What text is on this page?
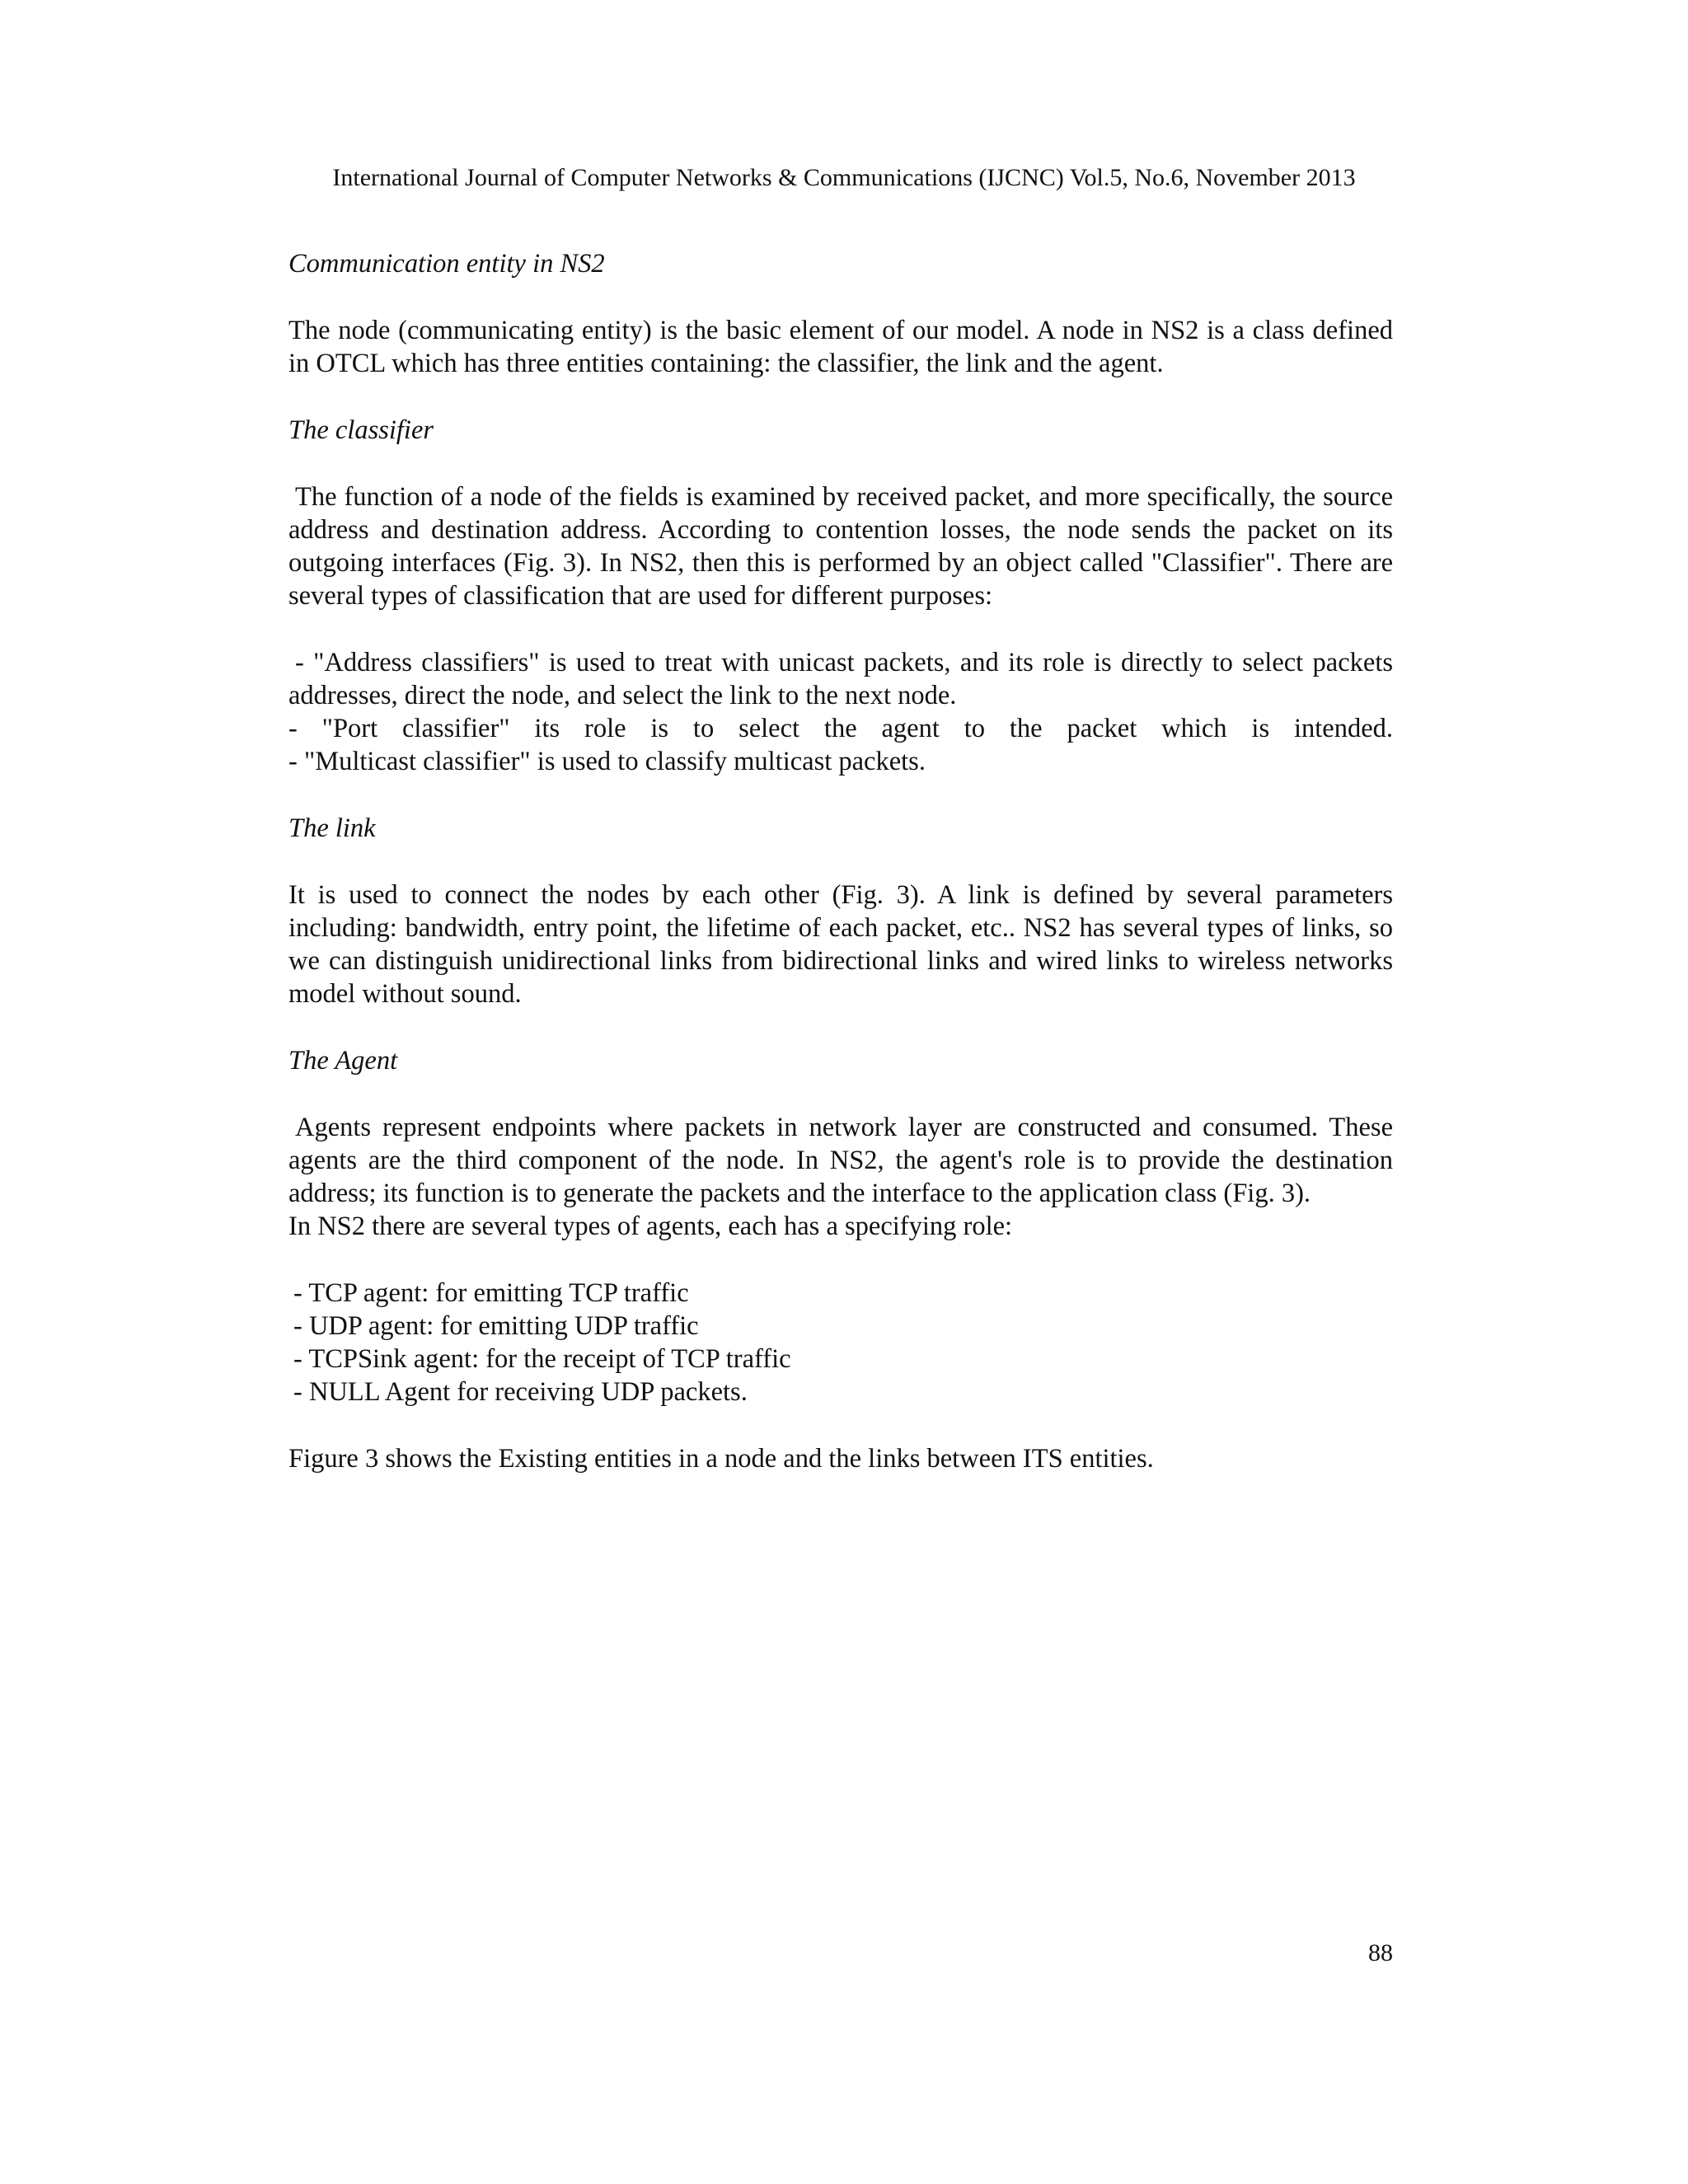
International Journal of Computer Networks & Communications (IJCNC) Vol.5, No.6, November 2013

Communication entity in NS2

The node (communicating entity) is the basic element of our model. A node in NS2 is a class defined in OTCL which has three entities containing: the classifier, the link and the agent.

The classifier

The function of a node of the fields is examined by received packet, and more specifically, the source address and destination address. According to contention losses, the node sends the packet on its outgoing interfaces (Fig. 3). In NS2, then this is performed by an object called "Classifier". There are several types of classification that are used for different purposes:

- "Address classifiers" is used to treat with unicast packets, and its role is directly to select packets addresses, direct the node, and select the link to the next node.

- "Port classifier" its role is to select the agent to the packet which is intended.

- "Multicast classifier" is used to classify multicast packets.

The link

It is used to connect the nodes by each other (Fig. 3). A link is defined by several parameters including: bandwidth, entry point, the lifetime of each packet, etc.. NS2 has several types of links, so we can distinguish unidirectional links from bidirectional links and wired links to wireless networks model without sound.

The Agent

Agents represent endpoints where packets in network layer are constructed and consumed. These agents are the third component of the node. In NS2, the agent's role is to provide the destination address; its function is to generate the packets and the interface to the application class (Fig. 3).

In NS2 there are several types of agents, each has a specifying role:

- TCP agent: for emitting TCP traffic
- UDP agent: for emitting UDP traffic
- TCPSink agent: for the receipt of TCP traffic
- NULL Agent for receiving UDP packets.

Figure 3 shows the Existing entities in a node and the links between ITS entities.

88
